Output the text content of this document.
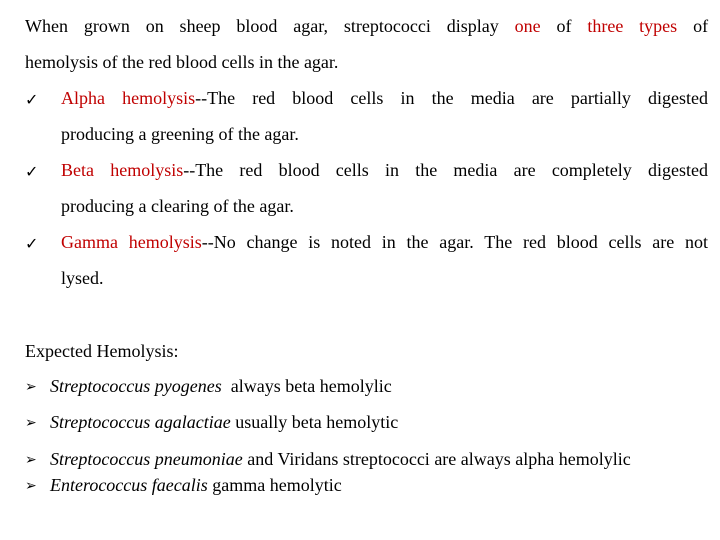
When grown on sheep blood agar, streptococci display one of three types of
hemolysis of the red blood cells in the agar.
✓ Alpha hemolysis--The red blood cells in the media are partially digested
producing a greening of the agar.
✓ Beta hemolysis--The red blood cells in the media are completely digested
producing a clearing of the agar.
✓ Gamma hemolysis--No change is noted in the agar. The red blood cells are not
lysed.
Expected Hemolysis:
➢ Streptococcus pyogenes  always beta hemolylic
➢ Streptococcus agalactiae usually beta hemolytic
➢ Streptococcus pneumoniae and Viridans streptococci are always alpha hemolylic
➢ Enterococcus faecalis gamma hemolytic
